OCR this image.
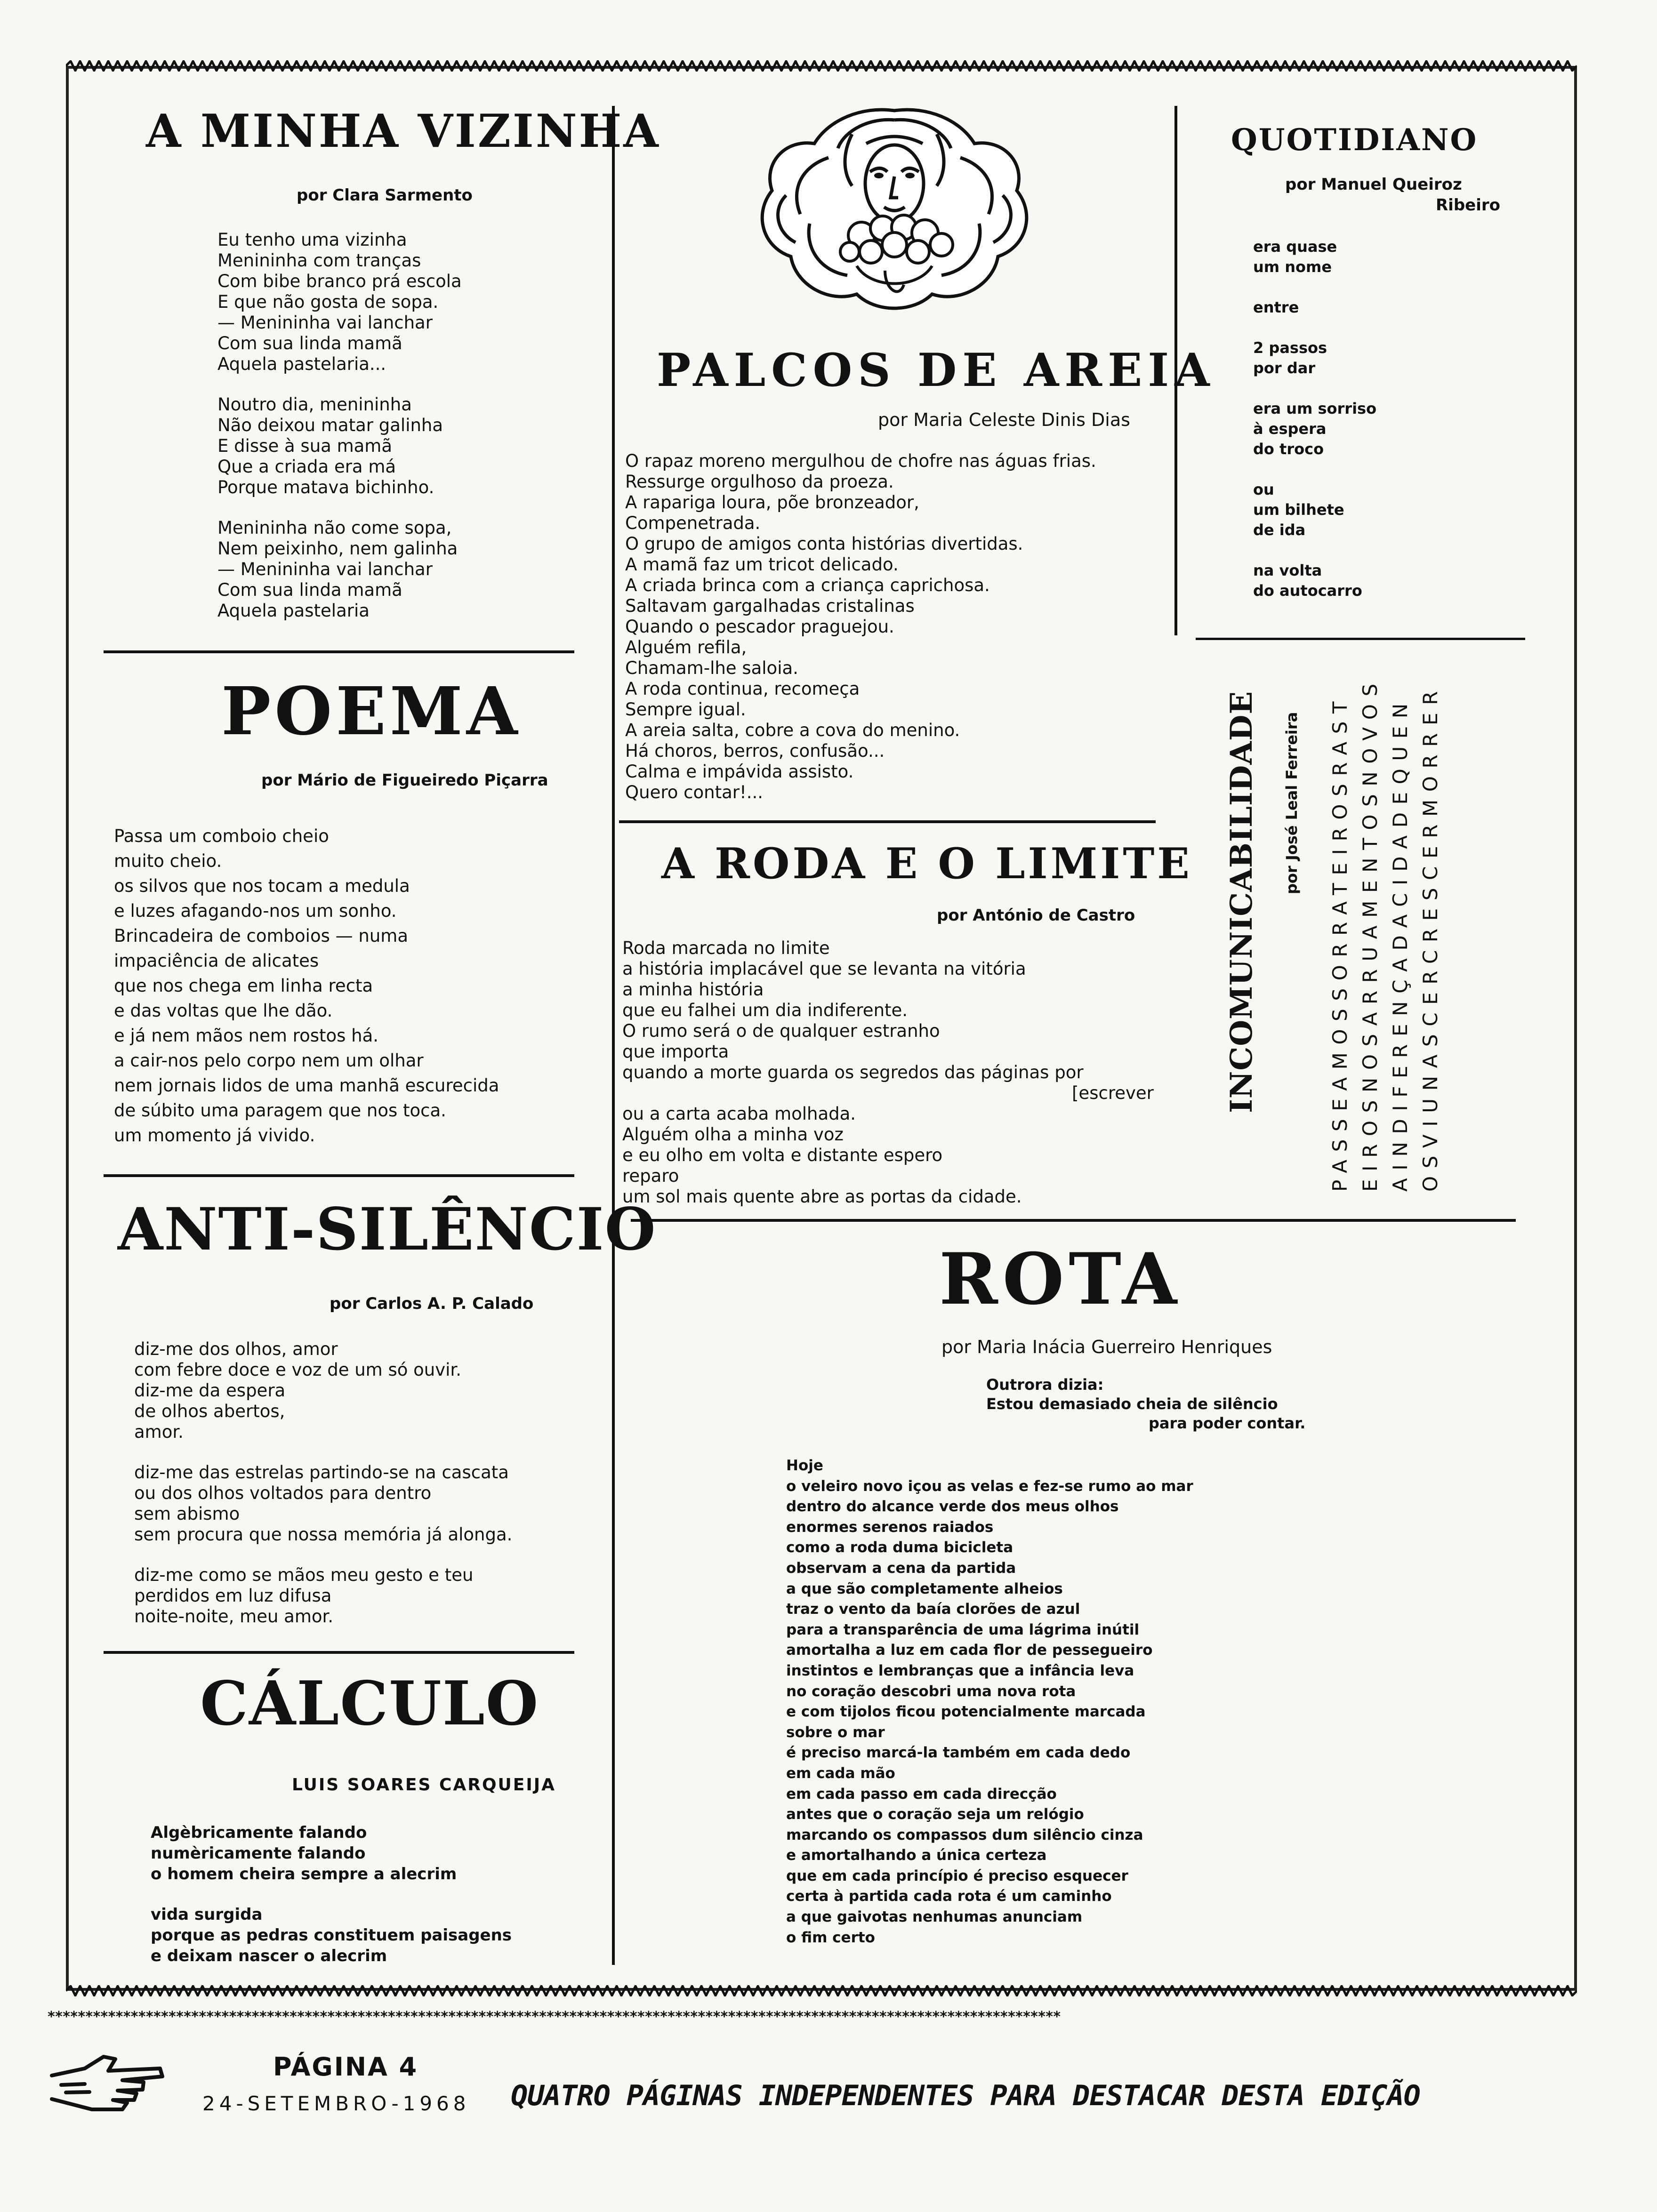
A MINHA VIZINHA

por Clara Sarmento

Eu tenho uma vizinha
Menininha com tranças
Com bibe branco prá escola
E que não gosta de sopa.
— Menininha vai lanchar
Com sua linda mamã
Aquela pastelaria...
Noutro dia, menininha
Não deixou matar galinha
E disse à sua mamã
Que a criada era má
Porque matava bichinho.
Menininha não come sopa,
Nem peixinho, nem galinha
— Menininha vai lanchar
Com sua linda mamã
Aquela pastelaria
POEMA

por Mário de Figueiredo Piçarra

Passa um comboio cheio
muito cheio.
os silvos que nos tocam a medula
e luzes afagando-nos um sonho.
Brincadeira de comboios — numa
impaciência de alicates
que nos chega em linha recta
e das voltas que lhe dão.
e já nem mãos nem rostos há.
a cair-nos pelo corpo nem um olhar
nem jornais lidos de uma manhã escurecida
de súbito uma paragem que nos toca.
um momento já vivido.
ANTI-SILÊNCIO

por Carlos A. P. Calado

diz-me dos olhos, amor
com febre doce e voz de um só ouvir.
diz-me da espera
de olhos abertos,
amor.
diz-me das estrelas partindo-se na cascata
ou dos olhos voltados para dentro
sem abismo
sem procura que nossa memória já alonga.
diz-me como se mãos meu gesto e teu
perdidos em luz difusa
noite-noite, meu amor.
CÁLCULO

LUIS SOARES CARQUEIJA

Algèbricamente falando
numèricamente falando
o homem cheira sempre a alecrim
vida surgida
porque as pedras constituem paisagens
e deixam nascer o alecrim
PALCOS DE AREIA

por Maria Celeste Dinis Dias

O rapaz moreno mergulhou de chofre nas águas frias.
Ressurge orgulhoso da proeza.
A rapariga loura, põe bronzeador,
Compenetrada.
O grupo de amigos conta histórias divertidas.
A mamã faz um tricot delicado.
A criada brinca com a criança caprichosa.
Saltavam gargalhadas cristalinas
Quando o pescador praguejou.
Alguém refila,
Chamam-lhe saloia.
A roda continua, recomeça
Sempre igual.
A areia salta, cobre a cova do menino.
Há choros, berros, confusão...
Calma e impávida assisto.
Quero contar!...
A RODA E O LIMITE

por António de Castro

Roda marcada no limite
a história implacável que se levanta na vitória
a minha história
que eu falhei um dia indiferente.
O rumo será o de qualquer estranho
que importa
quando a morte guarda os segredos das páginas por
[escrever
ou a carta acaba molhada.
Alguém olha a minha voz
e eu olho em volta e distante espero
reparo
um sol mais quente abre as portas da cidade.
QUOTIDIANO

por Manuel Queiroz

Ribeiro

era quase
um nome
entre
2 passos
por dar
era um sorriso
à espera
do troco
ou
um bilhete
de ida
na volta
do autocarro
INCOMUNICABILIDADE por José Leal Ferreira PASSEAMOSSORRATEIROSRAST EIROSNOSARRUAMENTOSNOVOS AINDIFERENÇADACIDADEQUEN OSVIUNASCERCRESCERMORRER
ROTA

por Maria Inácia Guerreiro Henriques

Outrora dizia:
Estou demasiado cheia de silêncio
para poder contar.
Hoje
o veleiro novo içou as velas e fez-se rumo ao mar
dentro do alcance verde dos meus olhos
enormes serenos raiados
como a roda duma bicicleta
observam a cena da partida
a que são completamente alheios
traz o vento da baía clorões de azul
para a transparência de uma lágrima inútil
amortalha a luz em cada flor de pessegueiro
instintos e lembranças que a infância leva
no coração descobri uma nova rota
e com tijolos ficou potencialmente marcada
sobre o mar
é preciso marcá-la também em cada dedo
em cada mão
em cada passo em cada direcção
antes que o coração seja um relógio
marcando os compassos dum silêncio cinza
e amortalhando a única certeza
que em cada princípio é preciso esquecer
certa à partida cada rota é um caminho
a que gaivotas nenhumas anunciam
o fim certo
**************************************************************************************************************************************
PÁGINA 4
24-SETEMBRO-1968 QUATRO PÁGINAS INDEPENDENTES PARA DESTACAR DESTA EDIÇÃO
